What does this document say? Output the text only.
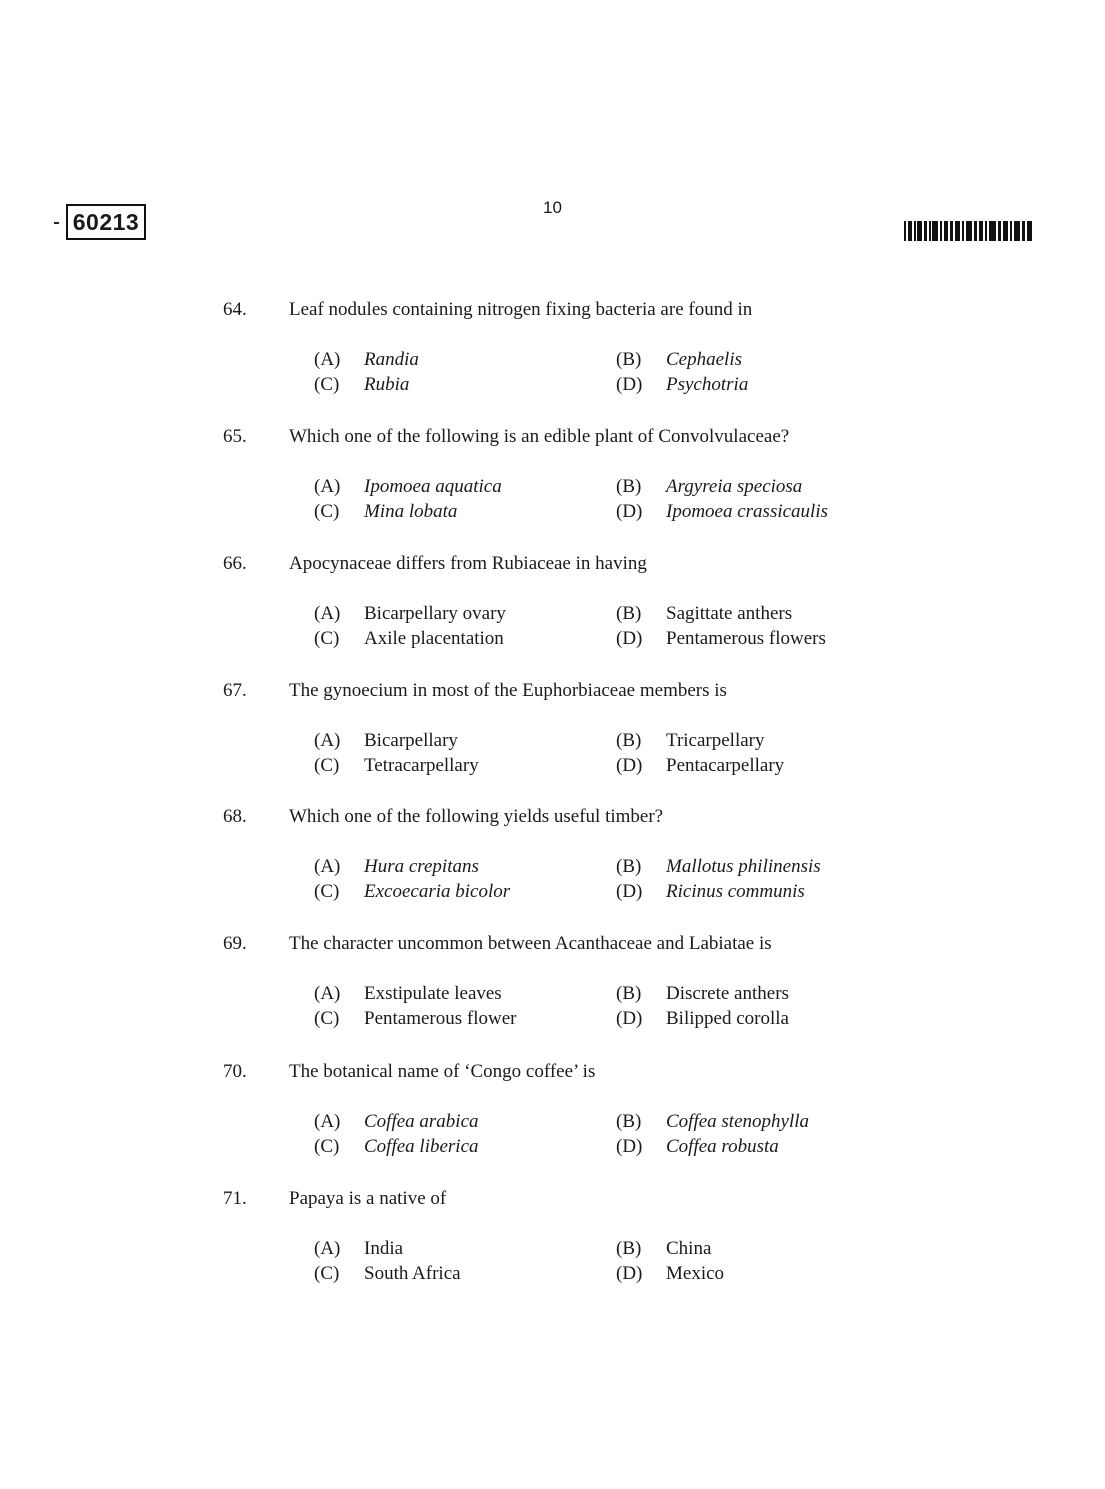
60213
10
64. Leaf nodules containing nitrogen fixing bacteria are found in
(A) Randia	(B) Cephaelis
(C) Rubia	(D) Psychotria
65. Which one of the following is an edible plant of Convolvulaceae?
(A) Ipomoea aquatica	(B) Argyreia speciosa
(C) Mina lobata	(D) Ipomoea crassicaulis
66. Apocynaceae differs from Rubiaceae in having
(A) Bicarpellary ovary	(B) Sagittate anthers
(C) Axile placentation	(D) Pentamerous flowers
67. The gynoecium in most of the Euphorbiaceae members is
(A) Bicarpellary	(B) Tricarpellary
(C) Tetracarpellary	(D) Pentacarpellary
68. Which one of the following yields useful timber?
(A) Hura crepitans	(B) Mallotus philinensis
(C) Excoecaria bicolor	(D) Ricinus communis
69. The character uncommon between Acanthaceae and Labiatae is
(A) Exstipulate leaves	(B) Discrete anthers
(C) Pentamerous flower	(D) Bilipped corolla
70. The botanical name of ‘Congo coffee’ is
(A) Coffea arabica	(B) Coffea stenophylla
(C) Coffea liberica	(D) Coffea robusta
71. Papaya is a native of
(A) India	(B) China
(C) South Africa	(D) Mexico
